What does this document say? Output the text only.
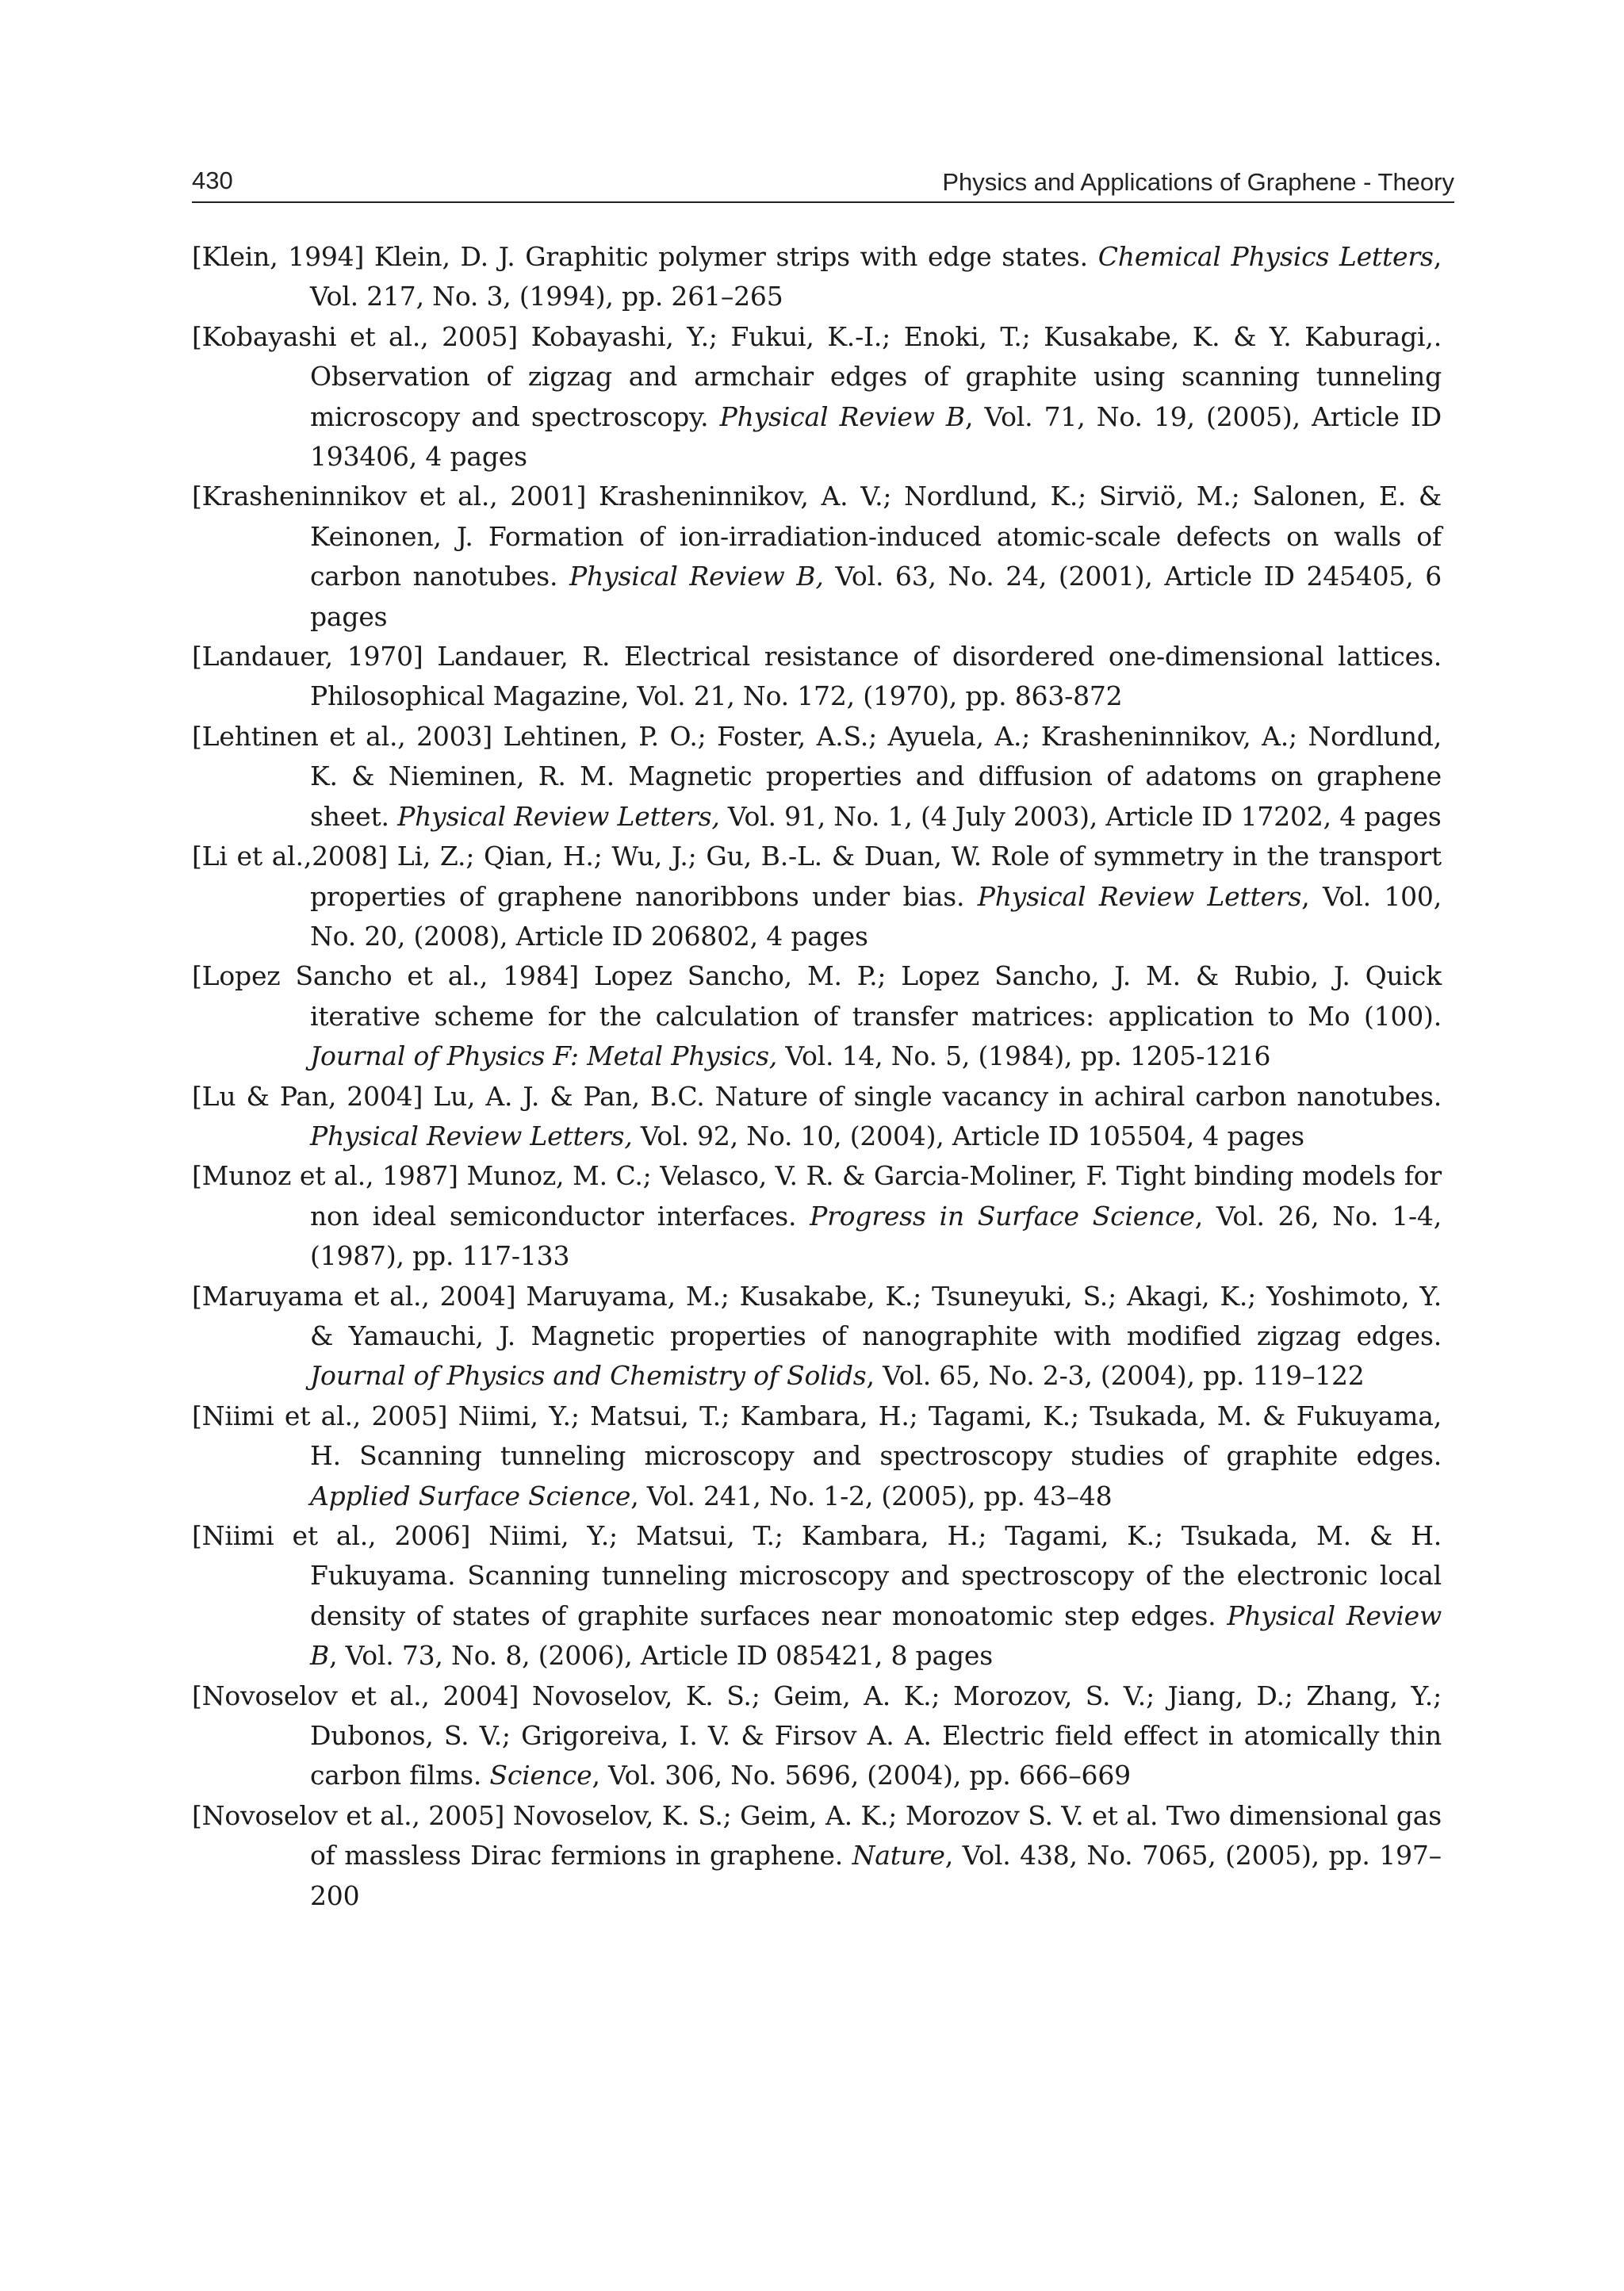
430	Physics and Applications of Graphene - Theory
[Klein, 1994] Klein, D. J. Graphitic polymer strips with edge states. Chemical Physics Letters, Vol. 217, No. 3, (1994), pp. 261–265
[Kobayashi et al., 2005] Kobayashi, Y.; Fukui, K.-I.; Enoki, T.; Kusakabe, K. & Y. Kaburagi,. Observation of zigzag and armchair edges of graphite using scanning tunneling microscopy and spectroscopy. Physical Review B, Vol. 71, No. 19, (2005), Article ID 193406, 4 pages
[Krasheninnikov et al., 2001] Krasheninnikov, A. V.; Nordlund, K.; Sirviö, M.; Salonen, E. & Keinonen, J. Formation of ion-irradiation-induced atomic-scale defects on walls of carbon nanotubes. Physical Review B, Vol. 63, No. 24, (2001), Article ID 245405, 6 pages
[Landauer, 1970] Landauer, R. Electrical resistance of disordered one-dimensional lattices. Philosophical Magazine, Vol. 21, No. 172, (1970), pp. 863-872
[Lehtinen et al., 2003] Lehtinen, P. O.; Foster, A.S.; Ayuela, A.; Krasheninnikov, A.; Nordlund, K. & Nieminen, R. M. Magnetic properties and diffusion of adatoms on graphene sheet. Physical Review Letters, Vol. 91, No. 1, (4 July 2003), Article ID 17202, 4 pages
[Li et al.,2008] Li, Z.; Qian, H.; Wu, J.; Gu, B.-L. & Duan, W. Role of symmetry in the transport properties of graphene nanoribbons under bias. Physical Review Letters, Vol. 100, No. 20, (2008), Article ID 206802, 4 pages
[Lopez Sancho et al., 1984] Lopez Sancho, M. P.; Lopez Sancho, J. M. & Rubio, J. Quick iterative scheme for the calculation of transfer matrices: application to Mo (100). Journal of Physics F: Metal Physics, Vol. 14, No. 5, (1984), pp. 1205-1216
[Lu & Pan, 2004] Lu, A. J. & Pan, B.C. Nature of single vacancy in achiral carbon nanotubes. Physical Review Letters, Vol. 92, No. 10, (2004), Article ID 105504, 4 pages
[Munoz et al., 1987] Munoz, M. C.; Velasco, V. R. & Garcia-Moliner, F. Tight binding models for non ideal semiconductor interfaces. Progress in Surface Science, Vol. 26, No. 1-4, (1987), pp. 117-133
[Maruyama et al., 2004] Maruyama, M.; Kusakabe, K.; Tsuneyuki, S.; Akagi, K.; Yoshimoto, Y. & Yamauchi, J. Magnetic properties of nanographite with modified zigzag edges. Journal of Physics and Chemistry of Solids, Vol. 65, No. 2-3, (2004), pp. 119–122
[Niimi et al., 2005] Niimi, Y.; Matsui, T.; Kambara, H.; Tagami, K.; Tsukada, M. & Fukuyama, H. Scanning tunneling microscopy and spectroscopy studies of graphite edges. Applied Surface Science, Vol. 241, No. 1-2, (2005), pp. 43–48
[Niimi et al., 2006] Niimi, Y.; Matsui, T.; Kambara, H.; Tagami, K.; Tsukada, M. & H. Fukuyama. Scanning tunneling microscopy and spectroscopy of the electronic local density of states of graphite surfaces near monoatomic step edges. Physical Review B, Vol. 73, No. 8, (2006), Article ID 085421, 8 pages
[Novoselov et al., 2004] Novoselov, K. S.; Geim, A. K.; Morozov, S. V.; Jiang, D.; Zhang, Y.; Dubonos, S. V.; Grigoreiva, I. V. & Firsov A. A. Electric field effect in atomically thin carbon films. Science, Vol. 306, No. 5696, (2004), pp. 666–669
[Novoselov et al., 2005] Novoselov, K. S.; Geim, A. K.; Morozov S. V. et al. Two dimensional gas of massless Dirac fermions in graphene. Nature, Vol. 438, No. 7065, (2005), pp. 197–200
